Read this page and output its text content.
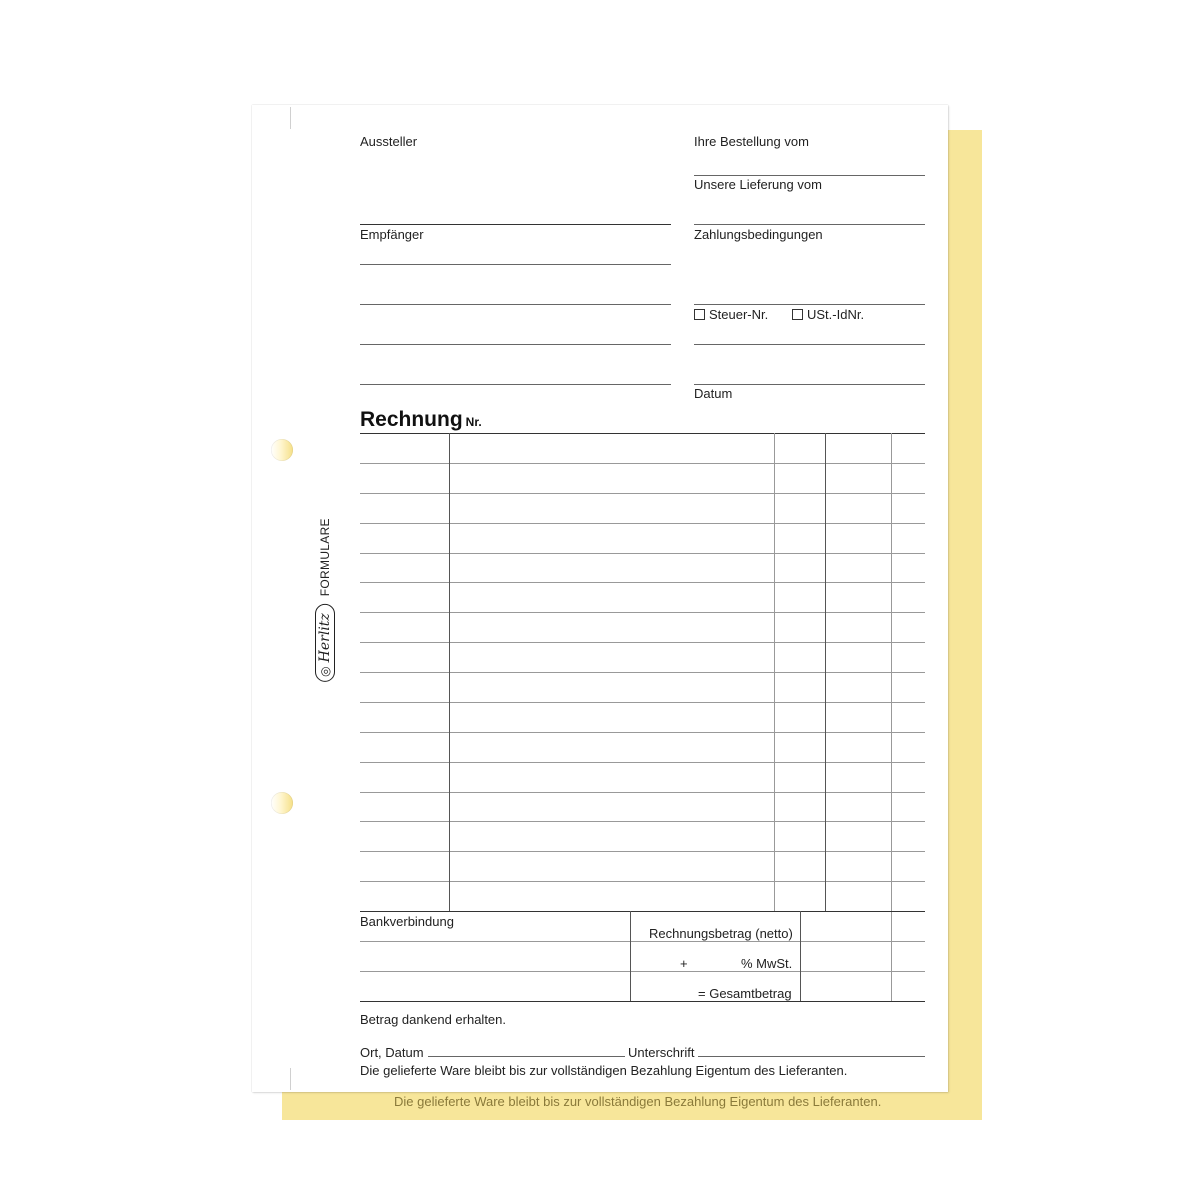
Die gelieferte Ware bleibt bis zur vollständigen Bezahlung Eigentum des Lieferanten.
◎Herlitz
FORMULARE
Aussteller
Empfänger
Ihre Bestellung vom
Unsere Lieferung vom
Zahlungsbedingungen
Steuer-Nr.	USt.-IdNr.
Datum
Rechnung Nr.
Bankverbindung
Rechnungsbetrag (netto)
+	% MwSt.
= Gesamtbetrag
Betrag dankend erhalten.
Ort, Datum	Unterschrift
Die gelieferte Ware bleibt bis zur vollständigen Bezahlung Eigentum des Lieferanten.
